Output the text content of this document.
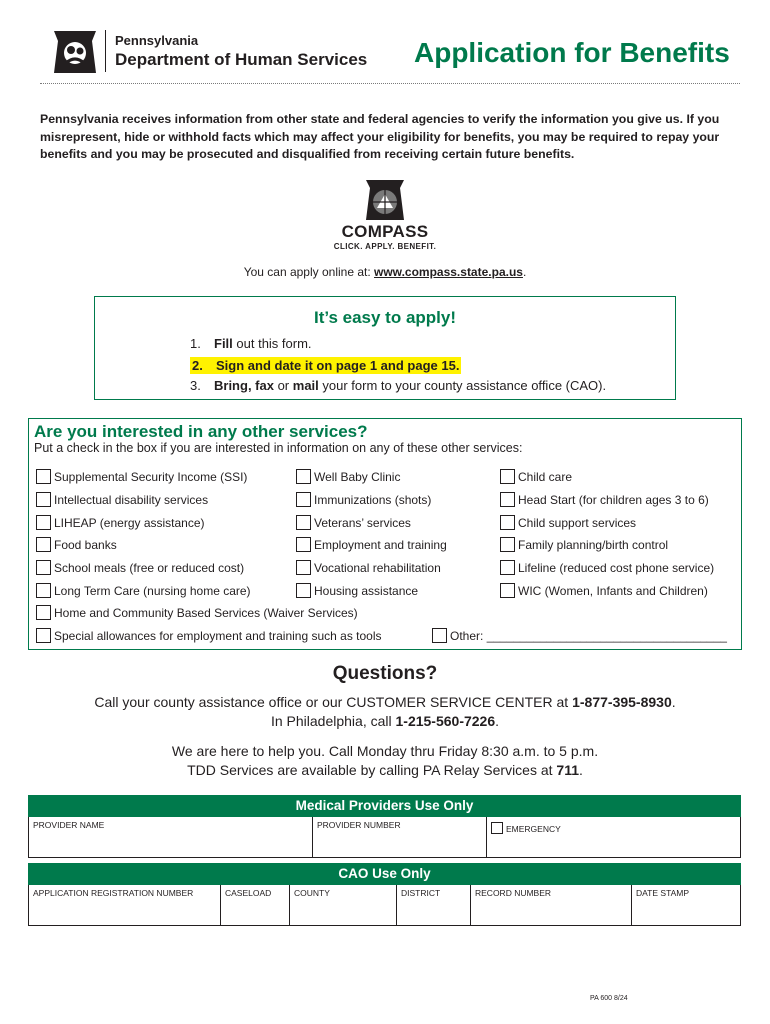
Pennsylvania
Department of Human Services Application for Benefits
Pennsylvania receives information from other state and federal agencies to verify the information you give us. If you misrepresent, hide or withhold facts which may affect your eligibility for benefits, you may be required to repay your benefits and you may be prosecuted and disqualified from receiving certain future benefits.
COMPASS
CLICK. APPLY. BENEFIT.
You can apply online at: www.compass.state.pa.us.
It’s easy to apply!
1. Fill out this form.
2. Sign and date it on page 1 and page 15.
3. Bring, fax or mail your form to your county assistance office (CAO).
Are you interested in any other services?
Put a check in the box if you are interested in information on any of these other services:
Supplemental Security Income (SSI)
Intellectual disability services
LIHEAP (energy assistance)
Food banks
School meals (free or reduced cost)
Long Term Care (nursing home care)
Well Baby Clinic
Immunizations (shots)
Veterans’ services
Employment and training
Vocational rehabilitation
Housing assistance
Child care
Head Start (for children ages 3 to 6)
Child support services
Family planning/birth control
Lifeline (reduced cost phone service)
WIC (Women, Infants and Children)
Home and Community Based Services (Waiver Services)
Special allowances for employment and training such as tools	Other: ____________________________________
Questions?
Call your county assistance office or our CUSTOMER SERVICE CENTER at 1-877-395-8930.
In Philadelphia, call 1-215-560-7226.
We are here to help you. Call Monday thru Friday 8:30 a.m. to 5 p.m.
TDD Services are available by calling PA Relay Services at 711.
Medical Providers Use Only
PROVIDER NAME	PROVIDER NUMBER	EMERGENCY
CAO Use Only
APPLICATION REGISTRATION NUMBER	CASELOAD	COUNTY	DISTRICT	RECORD NUMBER	DATE STAMP
PA 600 8/24
